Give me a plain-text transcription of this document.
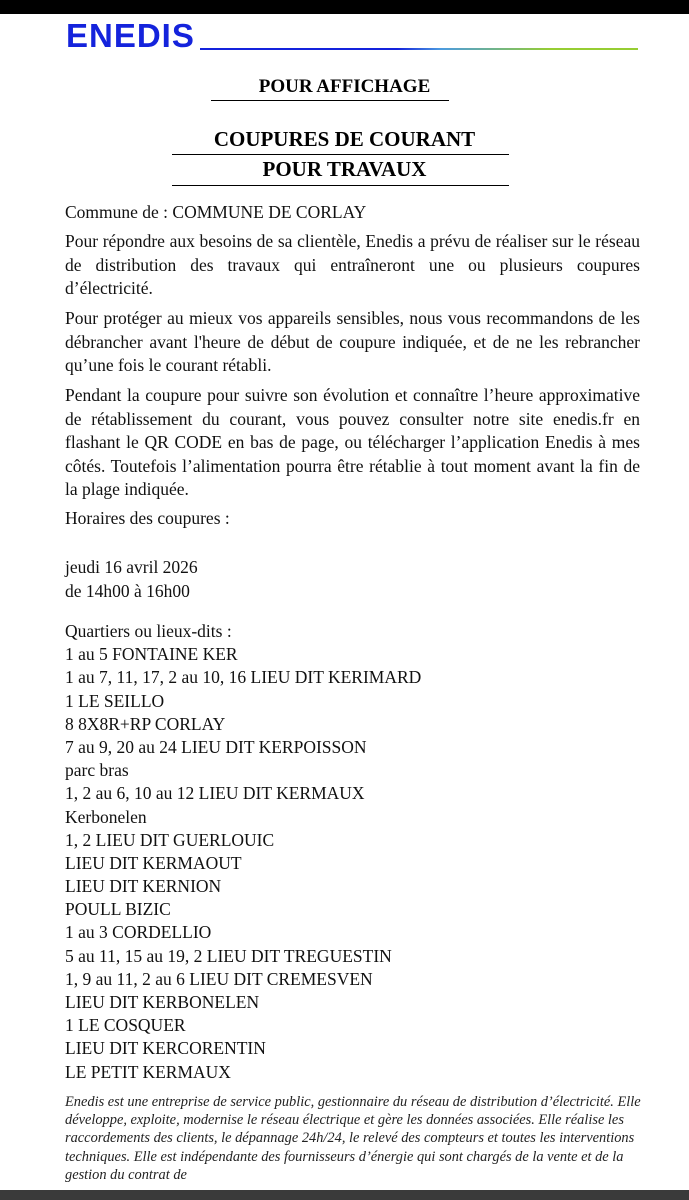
ENEDIS
POUR AFFICHAGE
COUPURES DE COURANT
POUR TRAVAUX
Commune de : COMMUNE DE CORLAY
Pour répondre aux besoins de sa clientèle, Enedis a prévu de réaliser sur le réseau de distribution des travaux qui entraîneront une ou plusieurs coupures d’électricité.
Pour protéger au mieux vos appareils sensibles, nous vous recommandons de les débrancher avant l'heure de début de coupure indiquée, et de ne les rebrancher qu’une fois le courant rétabli.
Pendant la coupure pour suivre son évolution et connaître l’heure approximative de rétablissement du courant, vous pouvez consulter notre site enedis.fr en flashant le QR CODE en bas de page, ou télécharger l’application Enedis à mes côtés. Toutefois l’alimentation pourra être rétablie à tout moment avant la fin de la plage indiquée.
Horaires des coupures :
jeudi 16 avril 2026
de 14h00 à 16h00
Quartiers ou lieux-dits :
1 au 5 FONTAINE KER
1 au 7, 11, 17, 2 au 10, 16 LIEU DIT KERIMARD
1 LE SEILLO
8 8X8R+RP CORLAY
7 au 9, 20 au 24 LIEU DIT KERPOISSON
parc bras
1, 2 au 6, 10 au 12 LIEU DIT KERMAUX
Kerbonelen
1, 2 LIEU DIT GUERLOUIC
LIEU DIT KERMAOUT
LIEU DIT KERNION
POULL BIZIC
1 au 3 CORDELLIO
5 au 11, 15 au 19, 2 LIEU DIT TREGUESTIN
1, 9 au 11, 2 au 6 LIEU DIT CREMESVEN
LIEU DIT KERBONELEN
1 LE COSQUER
LIEU DIT KERCORENTIN
LE PETIT KERMAUX
Enedis est une entreprise de service public, gestionnaire du réseau de distribution d’électricité. Elle développe, exploite, modernise le réseau électrique et gère les données associées. Elle réalise les raccordements des clients, le dépannage 24h/24, le relevé des compteurs et toutes les interventions techniques. Elle est indépendante des fournisseurs d’énergie qui sont chargés de la vente et de la gestion du contrat de
